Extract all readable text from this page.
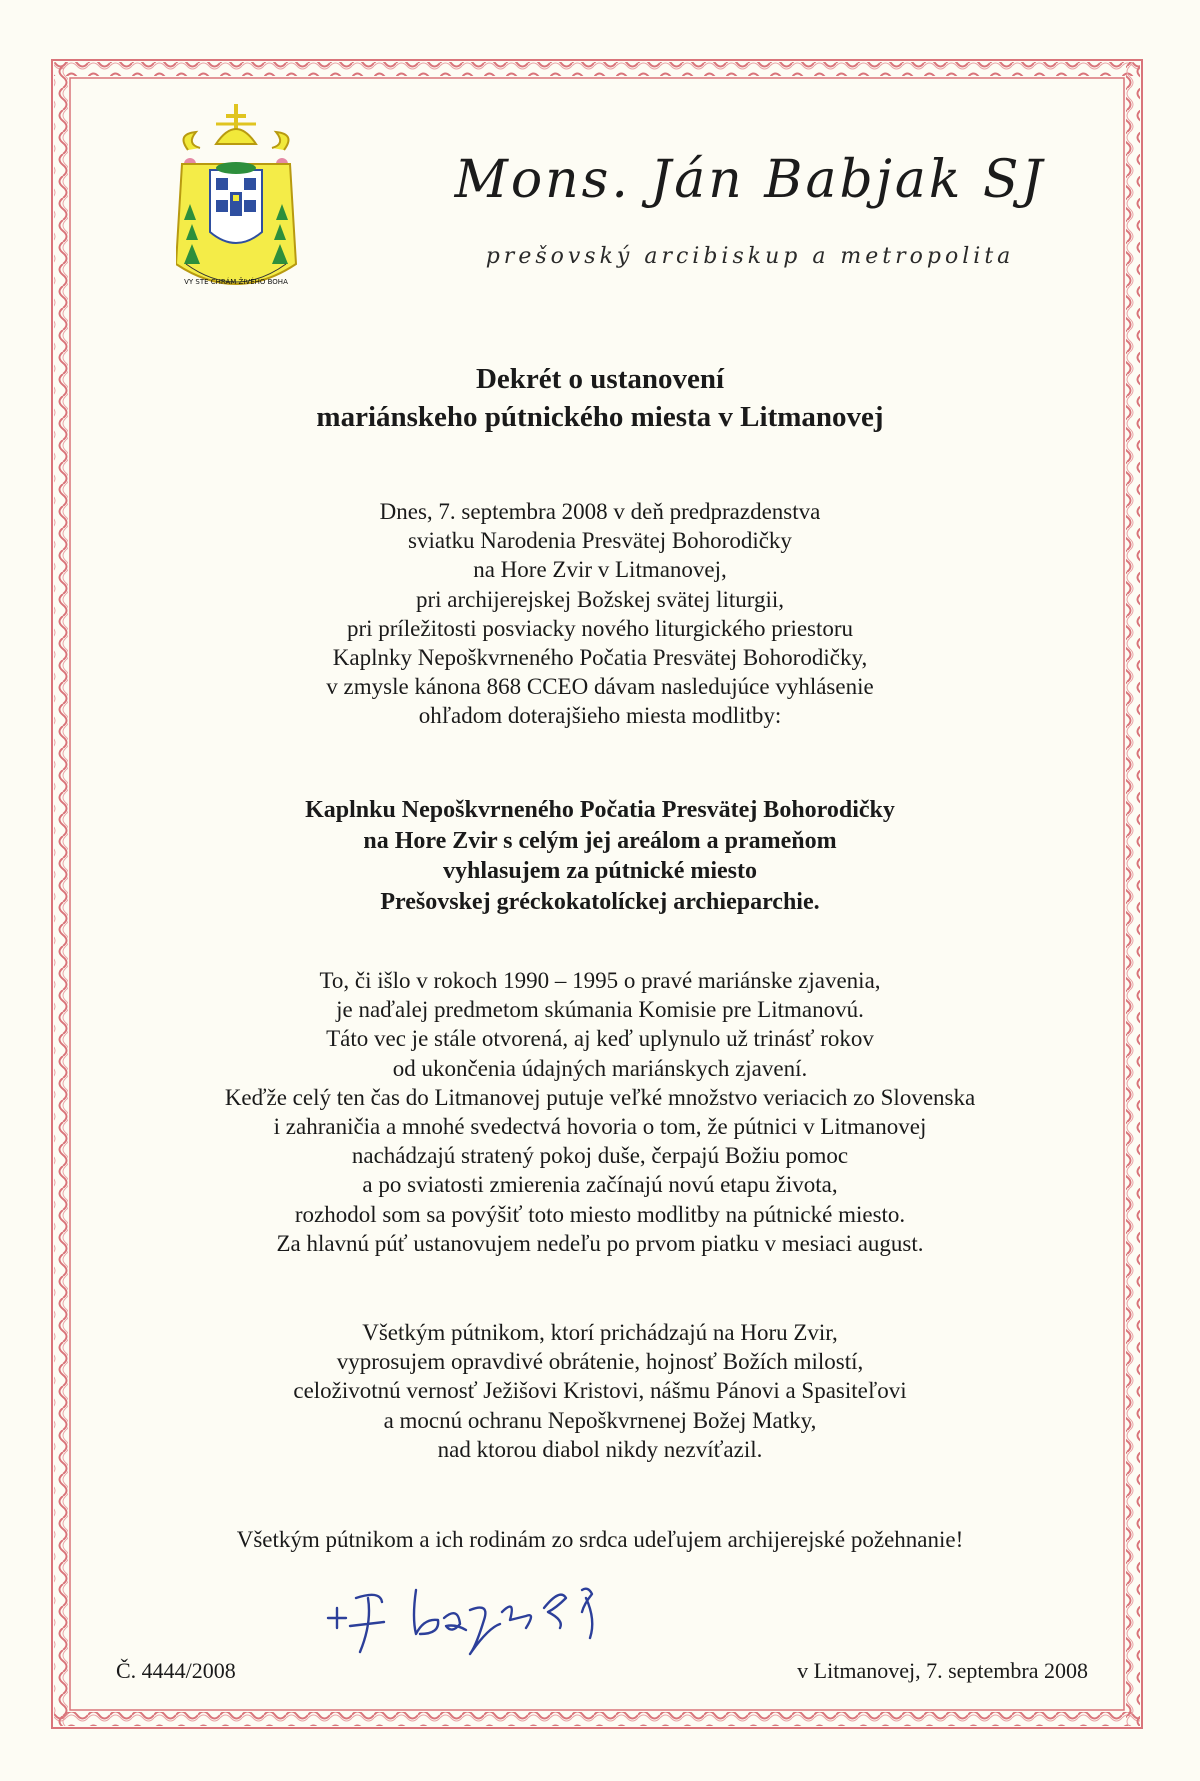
VY STE CHRÁM ŽIVÉHO BOHA
Mons. Ján Babjak SJ
prešovský arcibiskup a metropolita
Dekrét o ustanovení
mariánskeho pútnického miesta v Litmanovej
Dnes, 7. septembra 2008 v deň predprazdenstva
sviatku Narodenia Presvätej Bohorodičky
na Hore Zvir v Litmanovej,
pri archijerejskej Božskej svätej liturgii,
pri príležitosti posviacky nového liturgického priestoru
Kaplnky Nepoškvrneného Počatia Presvätej Bohorodičky,
v zmysle kánona 868 CCEO dávam nasledujúce vyhlásenie
ohľadom doterajšieho miesta modlitby:
Kaplnku Nepoškvrneného Počatia Presvätej Bohorodičky
na Hore Zvir s celým jej areálom a prameňom
vyhlasujem za pútnické miesto
Prešovskej gréckokatolíckej archieparchie.
To, či išlo v rokoch 1990 – 1995 o pravé mariánske zjavenia,
je naďalej predmetom skúmania Komisie pre Litmanovú.
Táto vec je stále otvorená, aj keď uplynulo už trinásť rokov
od ukončenia údajných mariánskych zjavení.
Keďže celý ten čas do Litmanovej putuje veľké množstvo veriacich zo Slovenska
i zahraničia a mnohé svedectvá hovoria o tom, že pútnici v Litmanovej
nachádzajú stratený pokoj duše, čerpajú Božiu pomoc
a po sviatosti zmierenia začínajú novú etapu života,
rozhodol som sa povýšiť toto miesto modlitby na pútnické miesto.
Za hlavnú púť ustanovujem nedeľu po prvom piatku v mesiaci august.
Všetkým pútnikom, ktorí prichádzajú na Horu Zvir,
vyprosujem opravdivé obrátenie, hojnosť Božích milostí,
celoživotnú vernosť Ježišovi Kristovi, nášmu Pánovi a Spasiteľovi
a mocnú ochranu Nepoškvrnenej Božej Matky,
nad ktorou diabol nikdy nezvíťazil.
Všetkým pútnikom a ich rodinám zo srdca udeľujem archijerejské požehnanie!
Č. 4444/2008	v Litmanovej, 7. septembra 2008
